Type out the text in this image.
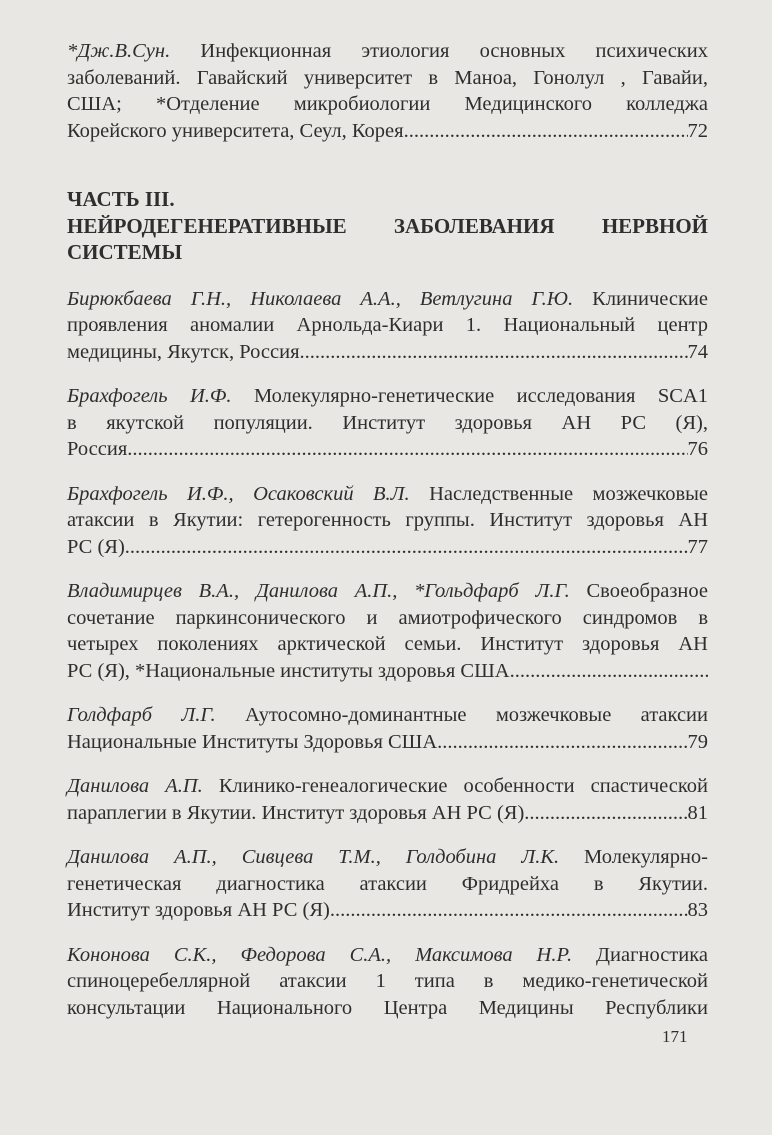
*Дж.В.Сун. Инфекционная этиология основных психических
заболеваний. Гавайский университет в Маноа, Гонолул , Гавайи,
США; *Отделение микробиологии Медицинского колледжа
Корейского университета, Сеул, Корея .....	72
ЧАСТЬ III.
НЕЙРОДЕГЕНЕРАТИВНЫЕ ЗАБОЛЕВАНИЯ НЕРВНОЙ
СИСТЕМЫ
Бирюкбаева Г.Н., Николаева А.А., Ветлугина Г.Ю. Клинические
проявления аномалии Арнольда-Киари 1. Национальный центр
медицины, Якутск, Россия .....	74
Брахфогель И.Ф. Молекулярно-генетические исследования SCA1
в якутской популяции. Институт здоровья АН РС (Я),
Россия .....	76
Брахфогель И.Ф., Осаковский В.Л. Наследственные мозжечковые
атаксии в Якутии: гетерогенность группы. Институт здоровья АН
РС (Я) .....	77
Владимирцев В.А., Данилова А.П., *Гольдфарб Л.Г. Своеобразное
сочетание паркинсонического и амиотрофического синдромов в
четырех поколениях арктической семьи. Институт здоровья АН
РС (Я), *Национальные институты здоровья США
.....
Голдфарб Л.Г. Аутосомно-доминантные мозжечковые атаксии
Национальные Институты Здоровья США .....	79
Данилова А.П. Клинико-генеалогические особенности спастической
параплегии в Якутии. Институт здоровья АН РС (Я) .....	81
Данилова А.П., Сивцева Т.М., Голдобина Л.К. Молекулярно-
генетическая диагностика атаксии Фридрейха в Якутии.
Институт здоровья АН РС (Я) .....	83
Кононова С.К., Федорова С.А., Максимова Н.Р. Диагностика
спиноцеребеллярной атаксии 1 типа в медико-генетической
консультации Национального Центра Медицины Республики
171
